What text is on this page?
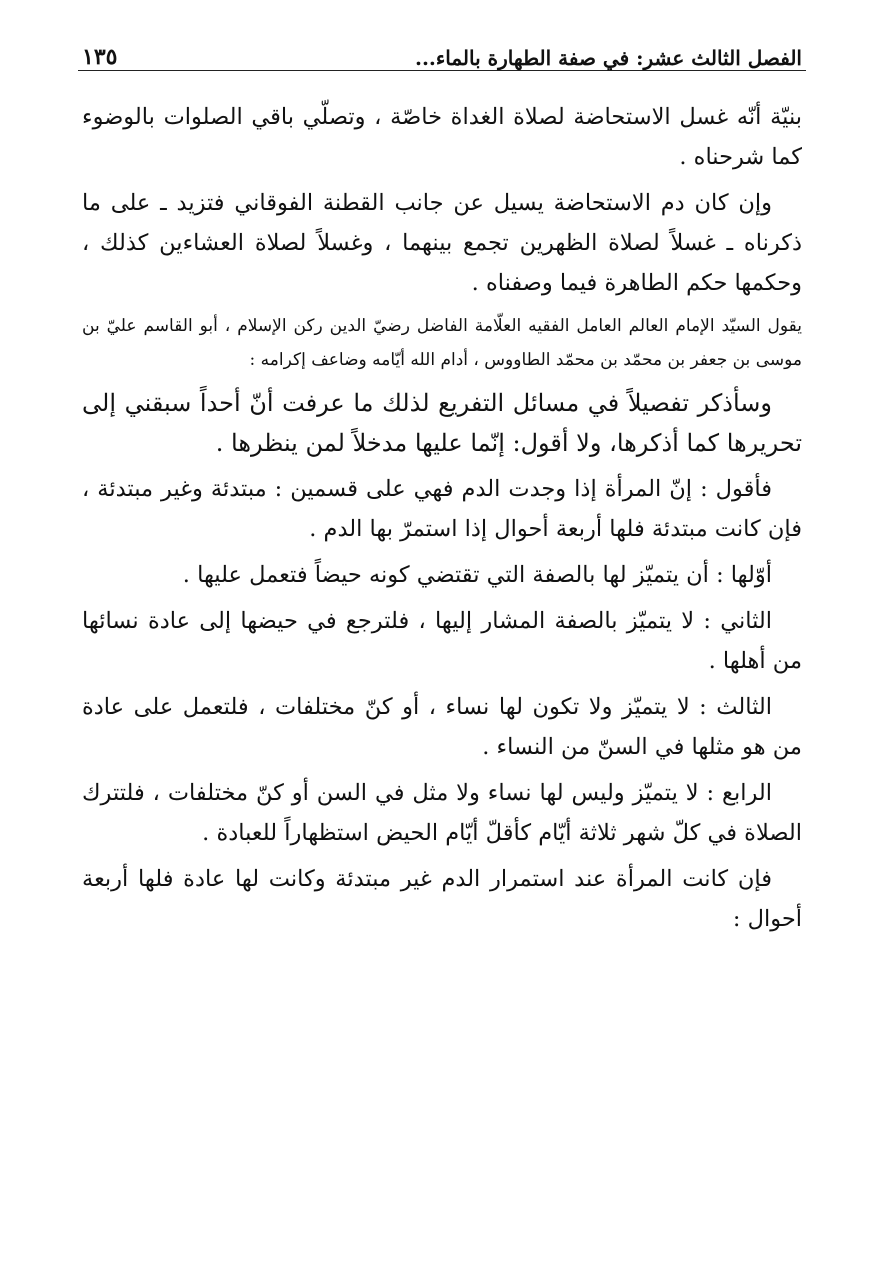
الفصل الثالث عشر: في صفة الطهارة بالماء...
١٣٥

بنيّة أنّه غسل الاستحاضة لصلاة الغداة خاصّة ، وتصلّي باقي الصلوات بالوضوء كما شرحناه .

وإن كان دم الاستحاضة يسيل عن جانب القطنة الفوقاني فتزيد ـ على ما ذكرناه ـ غسلاً لصلاة الظهرين تجمع بينهما ، وغسلاً لصلاة العشاءين كذلك ، وحكمها حكم الطاهرة فيما وصفناه .

يقول السيّد الإمام العالم العامل الفقيه العلّامة الفاضل رضيّ الدين ركن الإسلام ، أبو القاسم عليّ بن موسى بن جعفر بن محمّد بن محمّد الطاووس ، أدام الله أيّامه وضاعف إكرامه :

وسأذكر تفصيلاً في مسائل التفريع لذلك ما عرفت أنّ أحداً سبقني إلى تحريرها كما أذكرها، ولا أقول: إنّما عليها مدخلاً لمن ينظرها .

فأقول : إنّ المرأة إذا وجدت الدم فهي على قسمين : مبتدئة وغير مبتدئة ، فإن كانت مبتدئة فلها أربعة أحوال إذا استمرّ بها الدم .

أوّلها : أن يتميّز لها بالصفة التي تقتضي كونه حيضاً فتعمل عليها .

الثاني : لا يتميّز بالصفة المشار إليها ، فلترجع في حيضها إلى عادة نسائها من أهلها .

الثالث : لا يتميّز ولا تكون لها نساء ، أو كنّ مختلفات ، فلتعمل على عادة من هو مثلها في السنّ من النساء .

الرابع : لا يتميّز وليس لها نساء ولا مثل في السن أو كنّ مختلفات ، فلتترك الصلاة في كلّ شهر ثلاثة أيّام كأقلّ أيّام الحيض استظهاراً للعبادة .

فإن كانت المرأة عند استمرار الدم غير مبتدئة وكانت لها عادة فلها أربعة أحوال :
